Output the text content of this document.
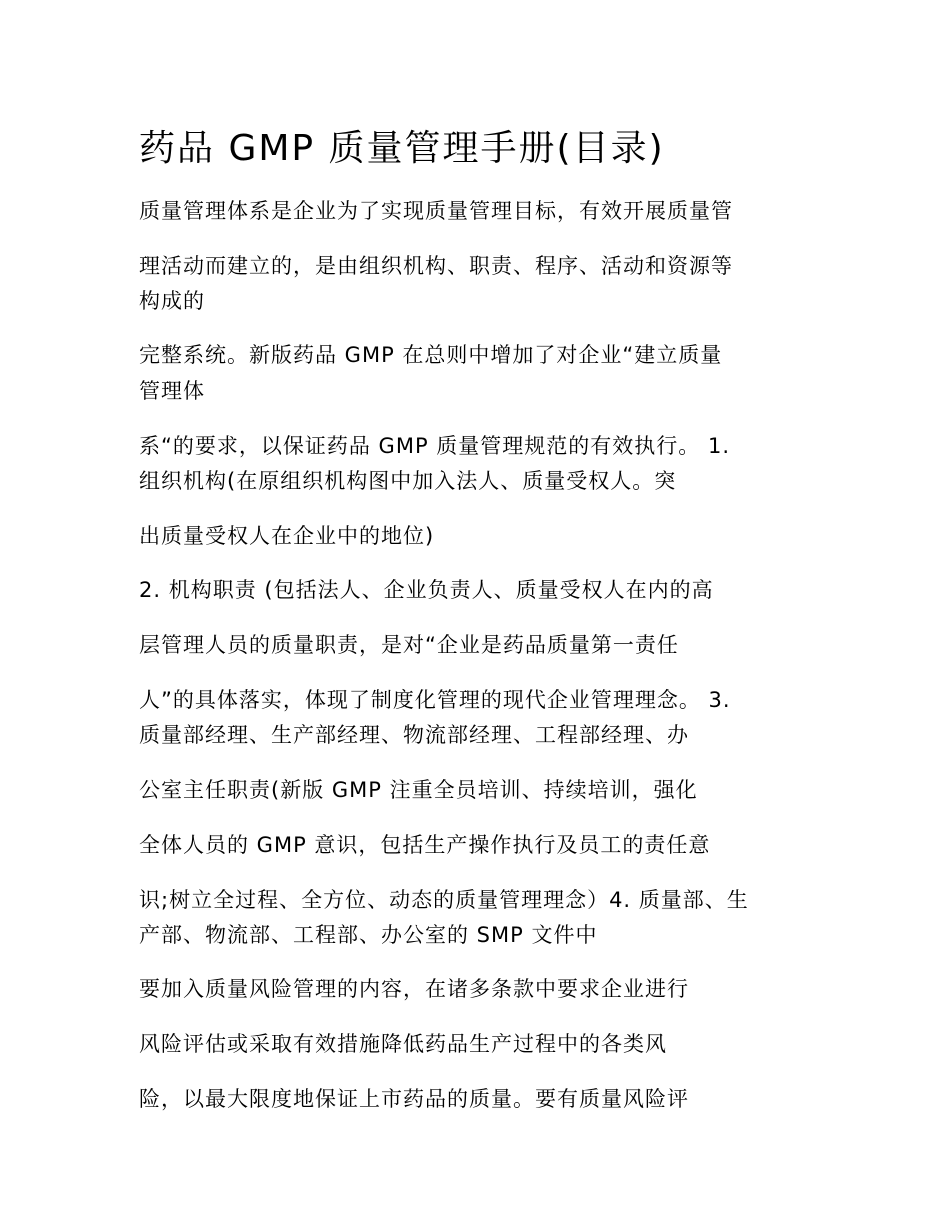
药品 GMP 质量管理手册(目录)

质量管理体系是企业为了实现质量管理目标，有效开展质量管

理活动而建立的，是由组织机构、职责、程序、活动和资源等

构成的

完整系统。新版药品 GMP 在总则中增加了对企业“建立质量

管理体

系“的要求，以保证药品 GMP 质量管理规范的有效执行。 1.

组织机构(在原组织机构图中加入法人、质量受权人。突

出质量受权人在企业中的地位)

2. 机构职责 (包括法人、企业负责人、质量受权人在内的高

层管理人员的质量职责，是对“企业是药品质量第一责任

人”的具体落实，体现了制度化管理的现代企业管理理念。 3.

质量部经理、生产部经理、物流部经理、工程部经理、办

公室主任职责(新版 GMP 注重全员培训、持续培训，强化

全体人员的 GMP 意识，包括生产操作执行及员工的责任意

识;树立全过程、全方位、动态的质量管理理念）4. 质量部、生

产部、物流部、工程部、办公室的 SMP 文件中

要加入质量风险管理的内容，在诸多条款中要求企业进行

风险评估或采取有效措施降低药品生产过程中的各类风

险，以最大限度地保证上市药品的质量。要有质量风险评
